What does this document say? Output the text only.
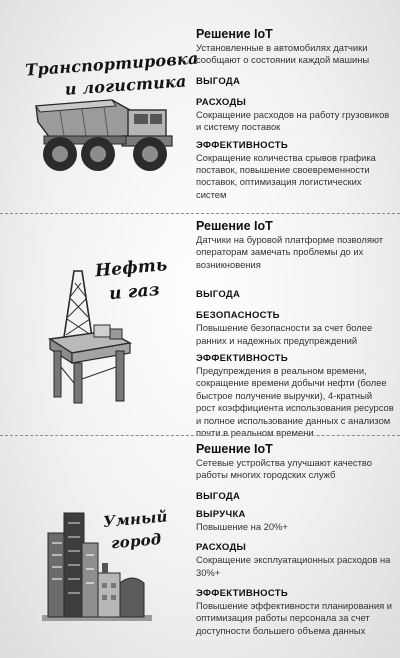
Транспортировка
и логистика
Решение IoT
Установленные в автомобилях датчики сообщают о состоянии каждой машины
ВЫГОДА
РАСХОДЫ
Сокращение расходов на работу грузовиков и систему поставок
ЭФФЕКТИВНОСТЬ
Сокращение количества срывов графика поставок, повышение своевременности поставок, оптимизация логистических систем
Нефть
и газ
Решение IoT
Датчики на буровой платформе позволяют операторам замечать проблемы до их возникновения
ВЫГОДА
БЕЗОПАСНОСТЬ
Повышение безопасности за счет более ранних и надежных предупреждений
ЭФФЕКТИВНОСТЬ
Предупреждения в реальном времени, сокращение времени добычи нефти (более быстрое получение выручки), 4-кратный рост коэффициента использования ресурсов и полное использование данных с анализом почти в реальном времени
Умный
город
Решение IoT
Сетевые устройства улучшают качество работы многих городских служб
ВЫГОДА
ВЫРУЧКА
Повышение на 20%+
РАСХОДЫ
Сокращение эксплуатационных расходов на 30%+
ЭФФЕКТИВНОСТЬ
Повышение эффективности планирования и оптимизация работы персонала за счет доступности большего объема данных
